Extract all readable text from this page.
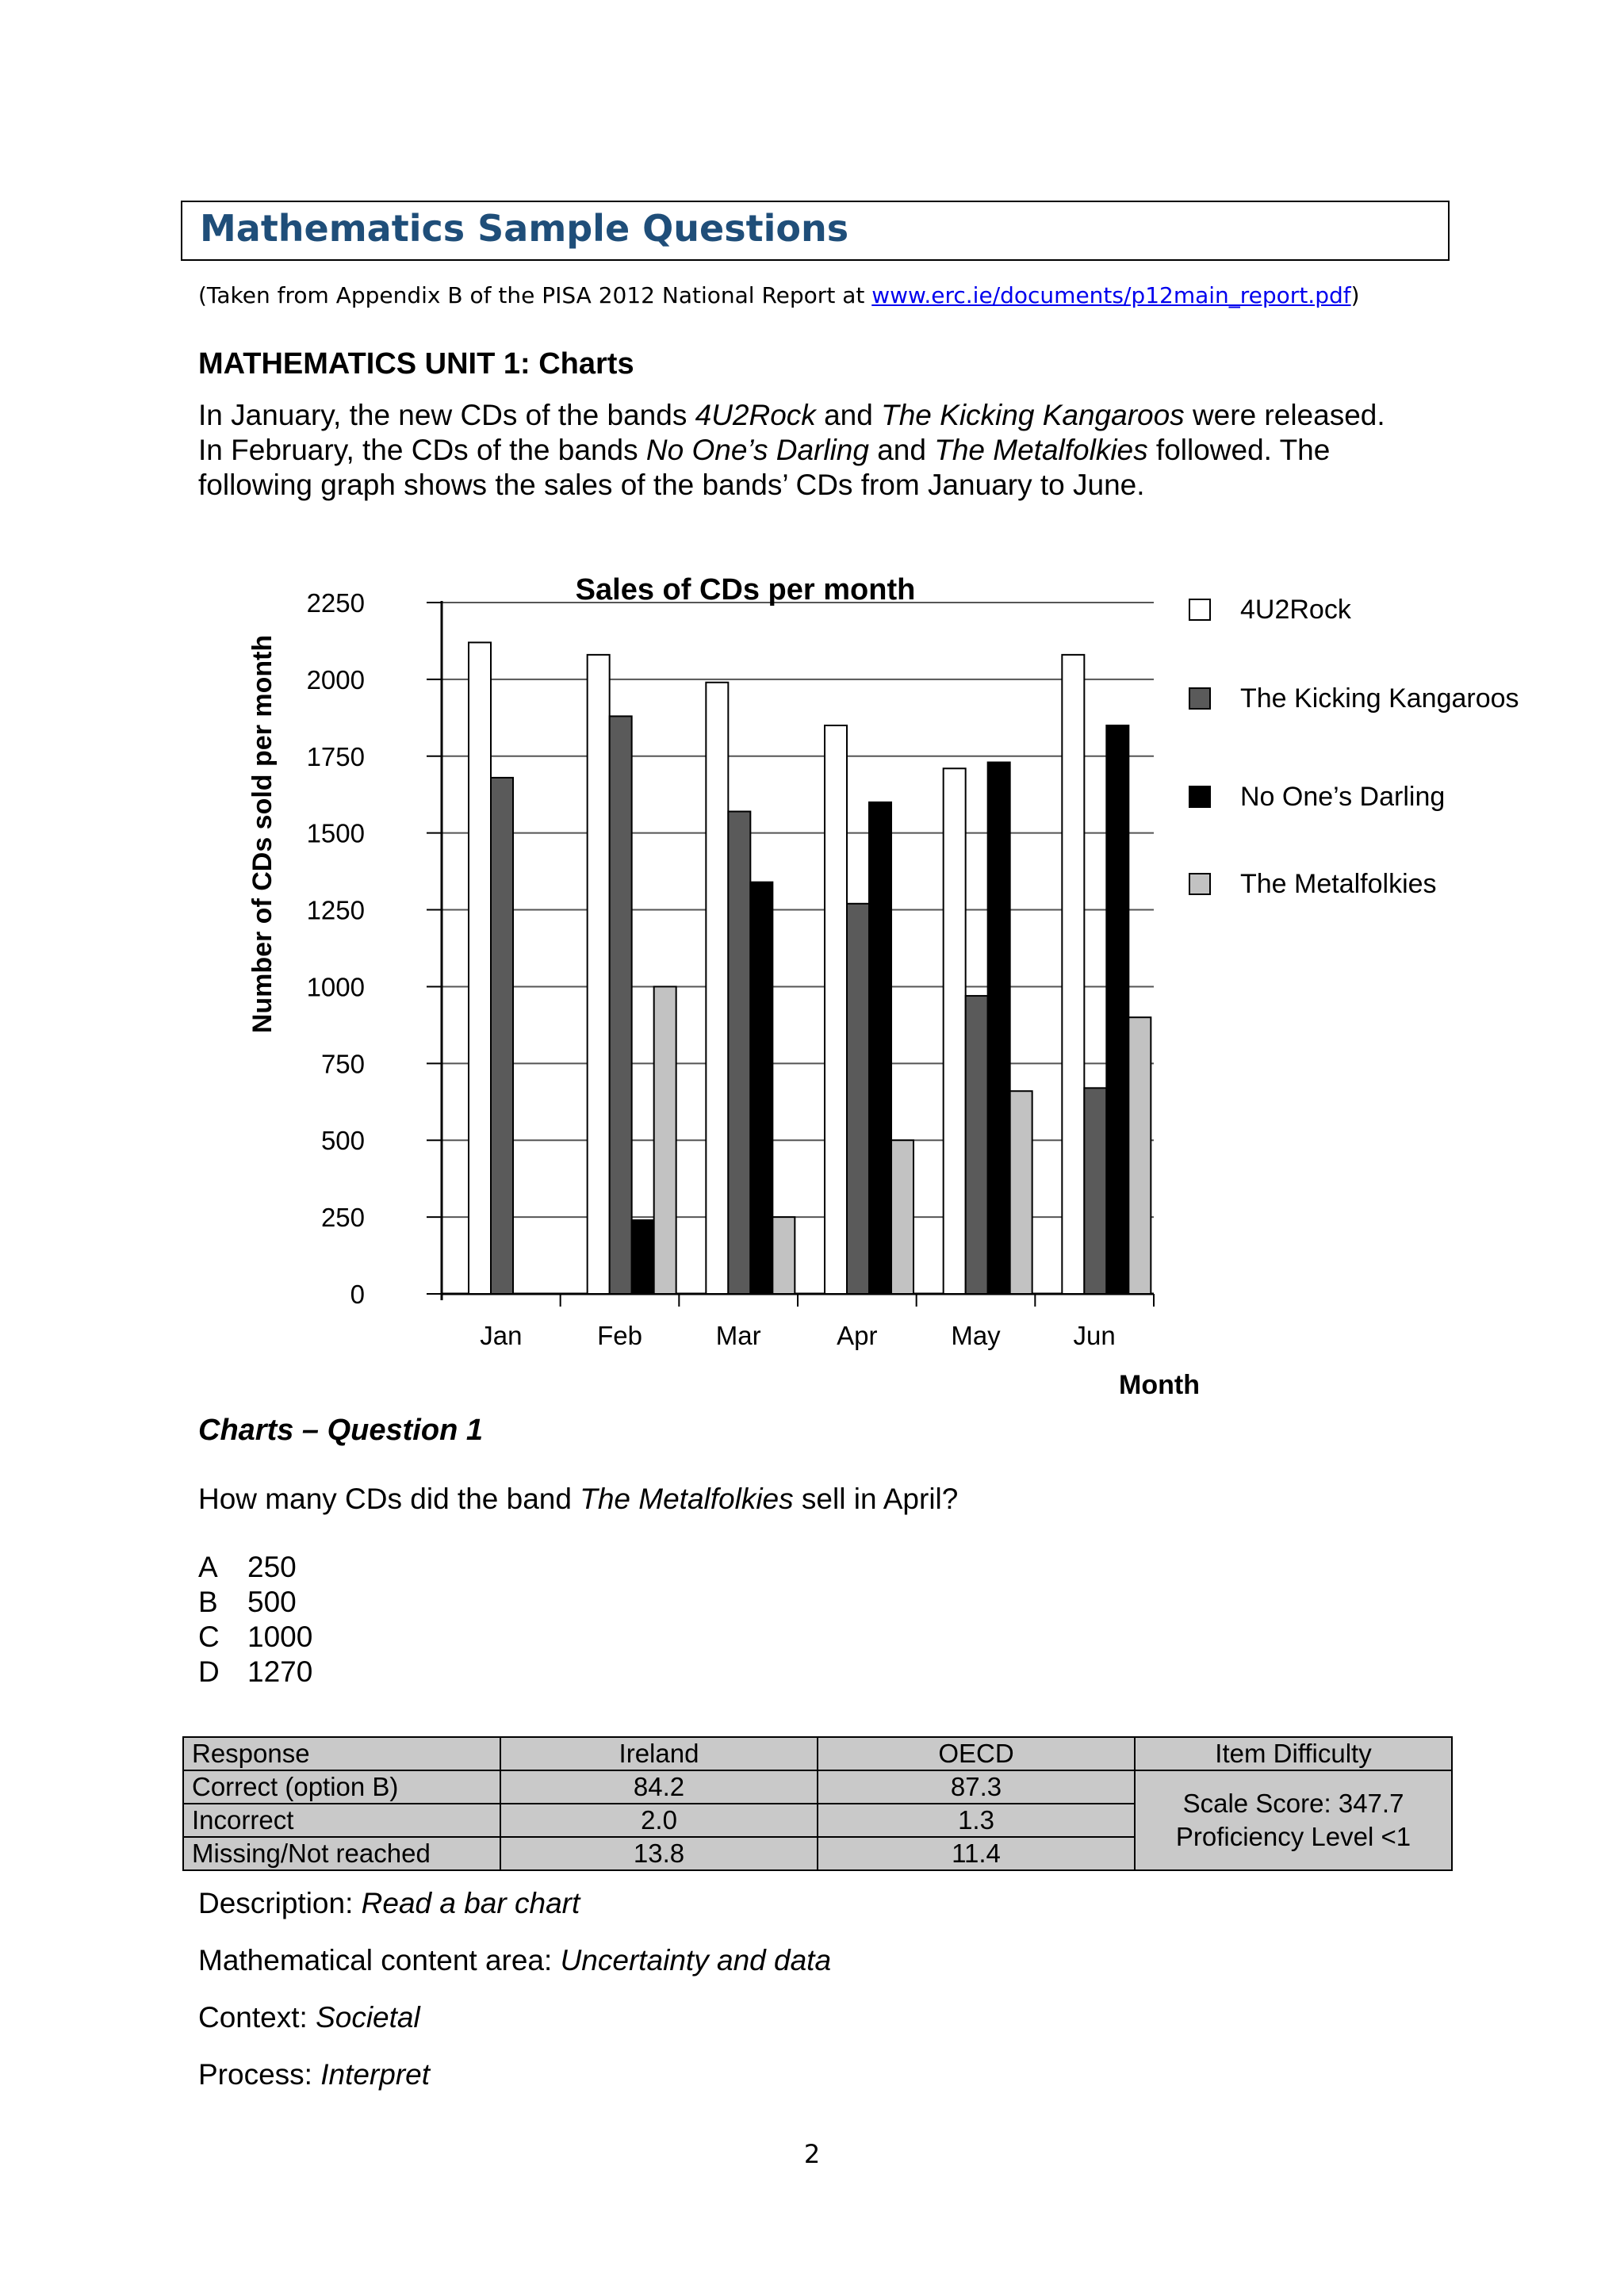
Mathematics Sample Questions
(Taken from Appendix B of the PISA 2012 National Report at www.erc.ie/documents/p12main_report.pdf)
MATHEMATICS UNIT 1: Charts
In January, the new CDs of the bands 4U2Rock and The Kicking Kangaroos were released.
In February, the CDs of the bands No One’s Darling and The Metalfolkies followed. The
following graph shows the sales of the bands’ CDs from January to June.
0
250
500
750
1000
1250
1500
1750
2000
2250
Jan	Feb	Mar	Apr	May	Jun
Sales of CDs per month
Month
Number of CDs sold per month
4U2Rock
The Kicking Kangaroos
No One’s Darling
The Metalfolkies
Charts – Question 1
How many CDs did the band The Metalfolkies sell in April?
A 250
B 500
C 1000
D 1270
Response	Ireland	OECD	Item Difficulty
Correct (option B)	84.2	87.3	Scale Score: 347.7
Proficiency Level <1

Incorrect	2.0	1.3	
Missing/Not reached	13.8	11.4	
Description: Read a bar chart
Mathematical content area: Uncertainty and data
Context: Societal
Process: Interpret
2
